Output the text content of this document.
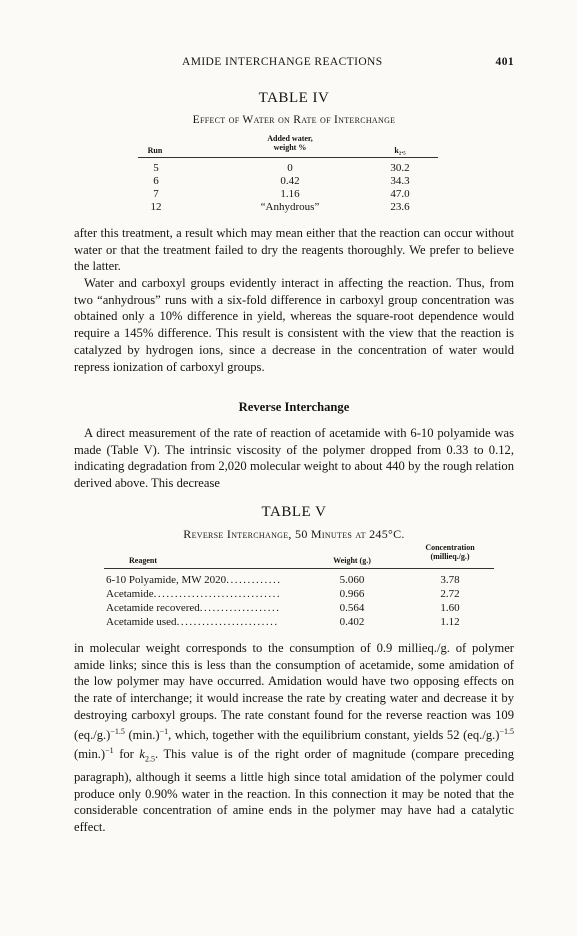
AMIDE INTERCHANGE REACTIONS	401
TABLE IV
Effect of Water on Rate of Interchange
Run
Added water,
weight %	k₂.₅
5	0	30.2
6	0.42	34.3
7	1.16	47.0
12	“Anhydrous”	23.6

after this treatment, a result which may mean either that the reaction can occur without water or that the treatment failed to dry the reagents thoroughly. We prefer to believe the latter.

Water and carboxyl groups evidently interact in affecting the reaction. Thus, from two “anhydrous” runs with a six-fold difference in carboxyl group concentration was obtained only a 10% difference in yield, whereas the square-root dependence would require a 145% difference. This result is consistent with the view that the reaction is catalyzed by hydrogen ions, since a decrease in the concentration of water would repress ionization of carboxyl groups.

Reverse Interchange

A direct measurement of the rate of reaction of acetamide with 6-10 polyamide was made (Table V). The intrinsic viscosity of the polymer dropped from 0.33 to 0.12, indicating degradation from 2,020 molecular weight to about 440 by the rough relation derived above. This decrease

TABLE V
Reverse Interchange, 50 Minutes at 245°C.
Reagent	Weight (g.)
Concentration
(millieq./g.)
6-10 Polyamide, MW 2020.............	5.060	3.78
Acetamide..............................	0.966	2.72
Acetamide recovered...................	0.564	1.60
Acetamide used........................	0.402	1.12

in molecular weight corresponds to the consumption of 0.9 millieq./g. of polymer amide links; since this is less than the consumption of acetamide, some amidation of the low polymer may have occurred. Amidation would have two opposing effects on the rate of interchange; it would increase the rate by creating water and decrease it by destroying carboxyl groups. The rate constant found for the reverse reaction was 109 $(eq./g.)^{-1.5}$ $(\min.)^{-1}$, which, together with the equilibrium constant, yields 52 $(eq./g.)^{-1.5}$ $(\min.)^{-1}$ for $k_{2.5}$. This value is of the right order of magnitude (compare preceding paragraph), although it seems a little high since total amidation of the polymer could produce only 0.90% water in the reaction. In this connection it may be noted that the considerable concentration of amine ends in the polymer may have had a catalytic effect.
